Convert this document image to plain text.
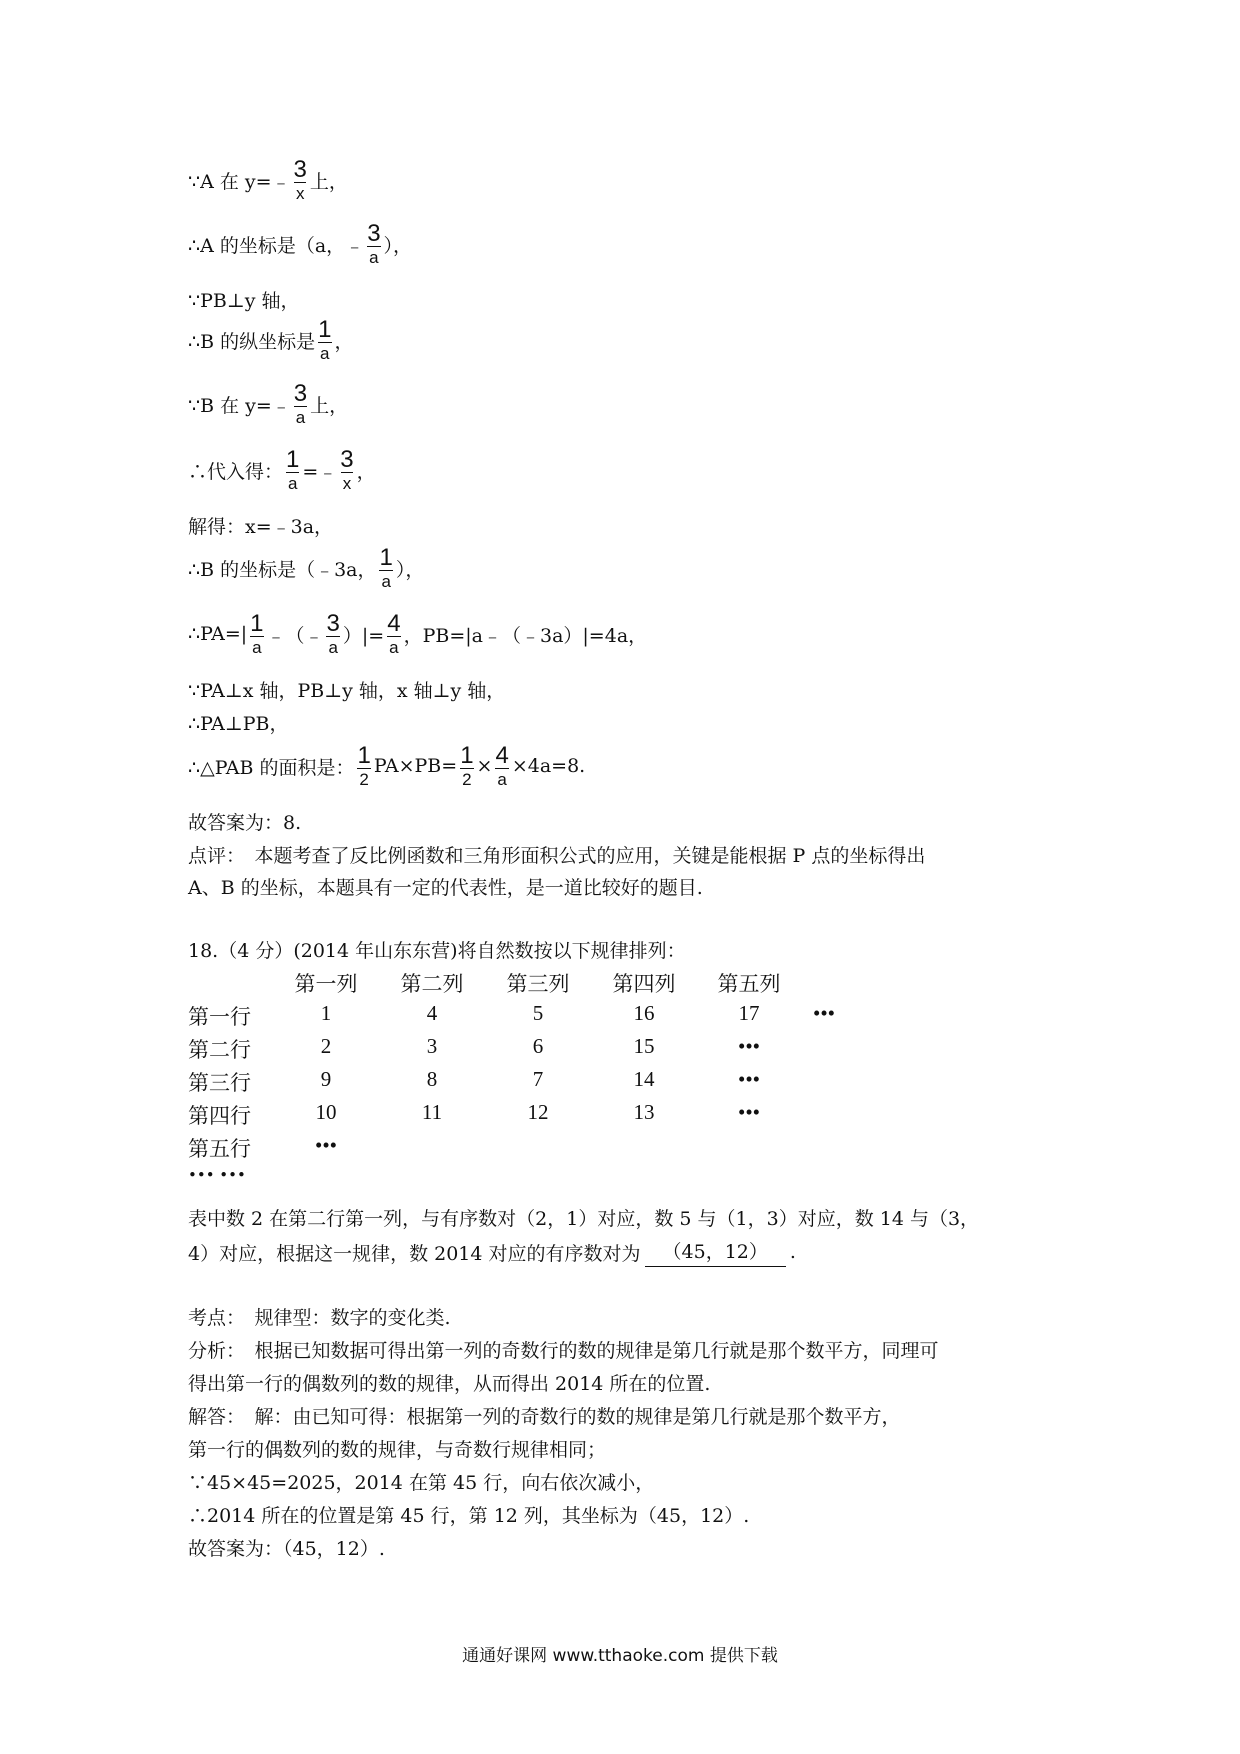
∵A 在 y=﹣ $\frac{3}{x}$ 上，
∴A 的坐标是（a，﹣ $\frac{3}{a}$ ），
∵PB⊥y 轴，
∴B 的纵坐标是 $\frac{1}{a}$ ，
∵B 在 y=﹣ $\frac{3}{a}$ 上，
∴代入得： $\frac{1}{a}$ =﹣ $\frac{3}{x}$ ，
解得：x=﹣3a，
∴B 的坐标是（﹣3a， $\frac{1}{a}$ ），
∴PA=| $\frac{1}{a}$ ﹣（﹣ $\frac{3}{a}$ ）|= $\frac{4}{a}$ ，PB=|a﹣（﹣3a）|=4a，
∵PA⊥x 轴，PB⊥y 轴，x 轴⊥y 轴，
∴PA⊥PB，
∴△PAB 的面积是： $\frac{1}{2} PA\times PB= \frac{1}{2} \times \frac{4}{a} \times 4a=8$.
故答案为：8.
点评：　本题考查了反比例函数和三角形面积公式的应用，关键是能根据 P 点的坐标得出
A、B 的坐标，本题具有一定的代表性，是一道比较好的题目.
18.（4 分）(2014 年山东东营)将自然数按以下规律排列：
第一列	第二列	第三列	第四列	第五列
第一行	1	4	5	16	17	•••
第二行	2	3	6	15	•••
第三行	9	8	7	14	•••
第四行	10	11	12	13	•••
第五行	•••
••• •••
表中数 2 在第二行第一列，与有序数对（2，1）对应，数 5 与（1，3）对应，数 14 与（3，
4）对应，根据这一规律，数 2014 对应的有序数对为	（45，12）	.
考点：　规律型：数字的变化类.
分析：　根据已知数据可得出第一列的奇数行的数的规律是第几行就是那个数平方，同理可
得出第一行的偶数列的数的规律，从而得出 2014 所在的位置.
解答：　解：由已知可得：根据第一列的奇数行的数的规律是第几行就是那个数平方，
第一行的偶数列的数的规律，与奇数行规律相同；
∵45×45=2025，2014 在第 45 行，向右依次减小，
∴2014 所在的位置是第 45 行，第 12 列，其坐标为（45，12）.
故答案为：（45，12）.
通通好课网 www.tthaoke.com 提供下载
